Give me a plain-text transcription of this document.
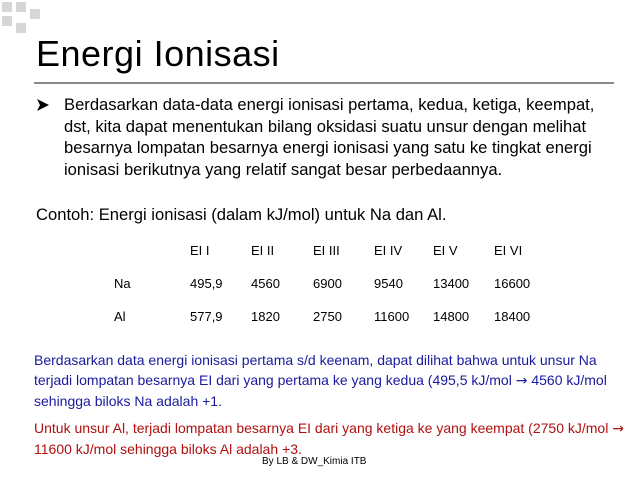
Energi Ionisasi
Berdasarkan data-data energi ionisasi pertama, kedua, ketiga, keempat, dst, kita dapat menentukan bilang oksidasi suatu unsur dengan melihat besarnya lompatan besarnya energi ionisasi yang satu ke tingkat energi ionisasi berikutnya yang relatif sangat besar perbedaannya.
Contoh: Energi ionisasi (dalam kJ/mol) untuk Na dan Al.
	EI I	EI II	EI III	EI IV	EI V	EI VI
Na	495,9	4560	6900	9540	13400	16600
Al	577,9	1820	2750	11600	14800	18400
Berdasarkan data energi ionisasi pertama s/d keenam, dapat dilihat bahwa untuk unsur Na terjadi lompatan besarnya EI dari yang pertama ke yang kedua (495,5 kJ/mol → 4560 kJ/mol sehingga biloks Na adalah +1.
Untuk unsur Al, terjadi lompatan besarnya EI dari yang ketiga ke yang keempat (2750 kJ/mol → 11600 kJ/mol sehingga biloks Al adalah +3.
By LB & DW_Kimia ITB
